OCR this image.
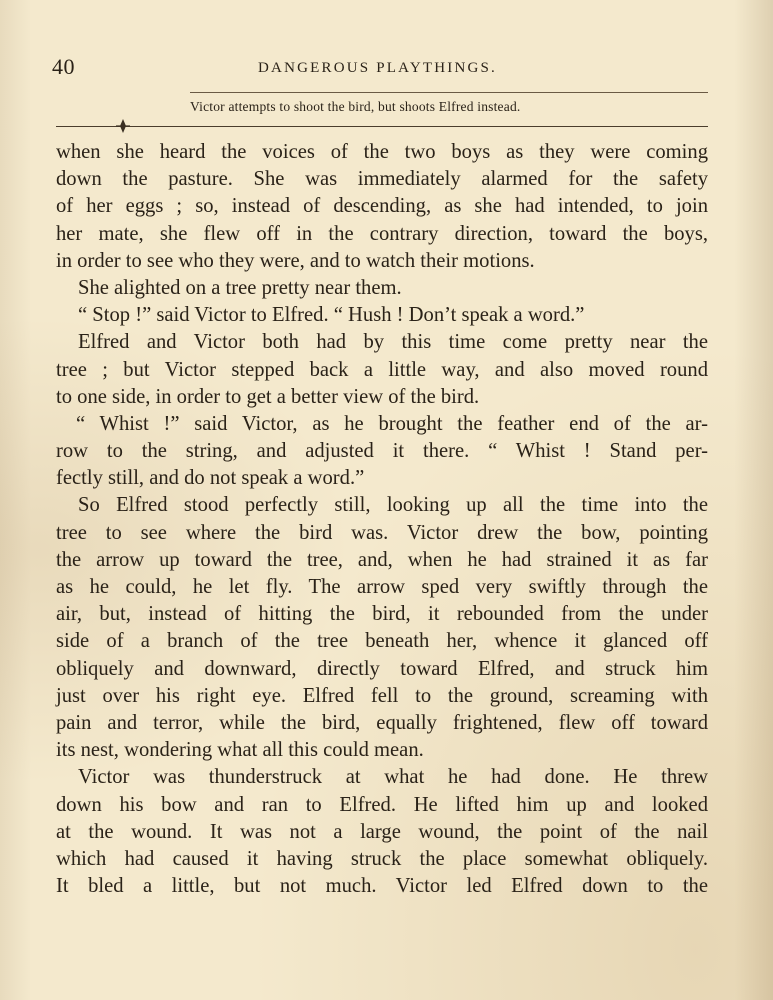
40	DANGEROUS PLAYTHINGS.
Victor attempts to shoot the bird, but shoots Elfred instead.
when she heard the voices of the two boys as they were coming
down the pasture. She was immediately alarmed for the safety
of her eggs ; so, instead of descending, as she had intended, to join
her mate, she flew off in the contrary direction, toward the boys,
in order to see who they were, and to watch their motions.
She alighted on a tree pretty near them.
“ Stop !” said Victor to Elfred. “ Hush ! Don’t speak a word.”
Elfred and Victor both had by this time come pretty near the
tree ; but Victor stepped back a little way, and also moved round
to one side, in order to get a better view of the bird.
“ Whist !” said Victor, as he brought the feather end of the ar-
row to the string, and adjusted it there. “ Whist ! Stand per-
fectly still, and do not speak a word.”
So Elfred stood perfectly still, looking up all the time into the
tree to see where the bird was. Victor drew the bow, pointing
the arrow up toward the tree, and, when he had strained it as far
as he could, he let fly. The arrow sped very swiftly through the
air, but, instead of hitting the bird, it rebounded from the under
side of a branch of the tree beneath her, whence it glanced off
obliquely and downward, directly toward Elfred, and struck him
just over his right eye. Elfred fell to the ground, screaming with
pain and terror, while the bird, equally frightened, flew off toward
its nest, wondering what all this could mean.
Victor was thunderstruck at what he had done. He threw
down his bow and ran to Elfred. He lifted him up and looked
at the wound. It was not a large wound, the point of the nail
which had caused it having struck the place somewhat obliquely.
It bled a little, but not much. Victor led Elfred down to the
